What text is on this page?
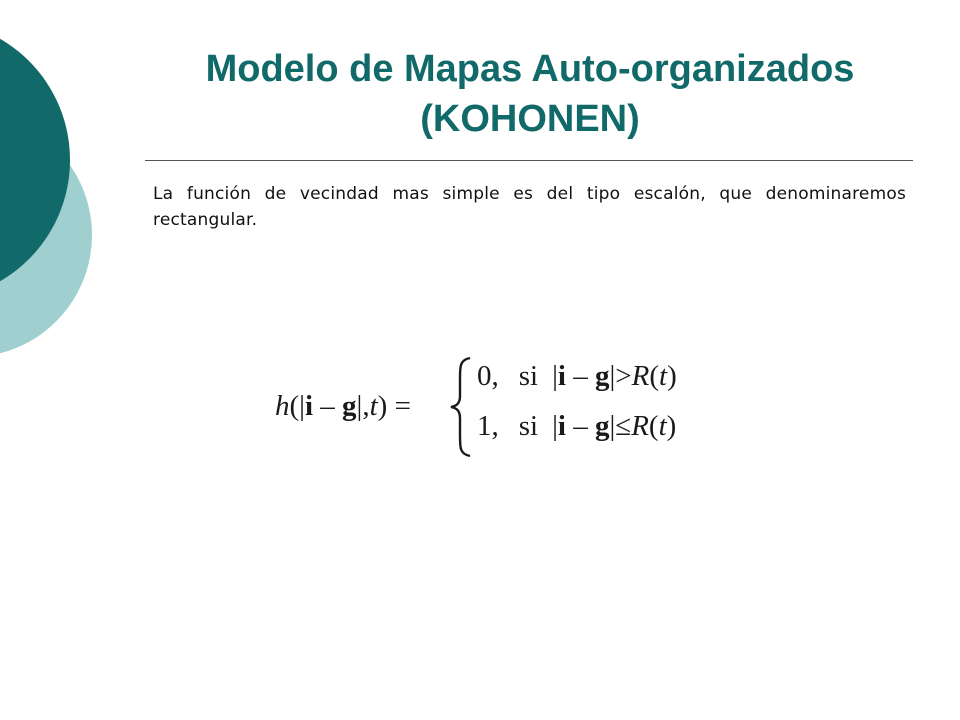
Modelo de Mapas Auto-organizados
(KOHONEN)
La función de vecindad mas simple es del tipo escalón, que denominaremos rectangular.
h(|i – g|,t) =
0, si |i – g|>R(t)
1, si |i – g|≤R(t)
